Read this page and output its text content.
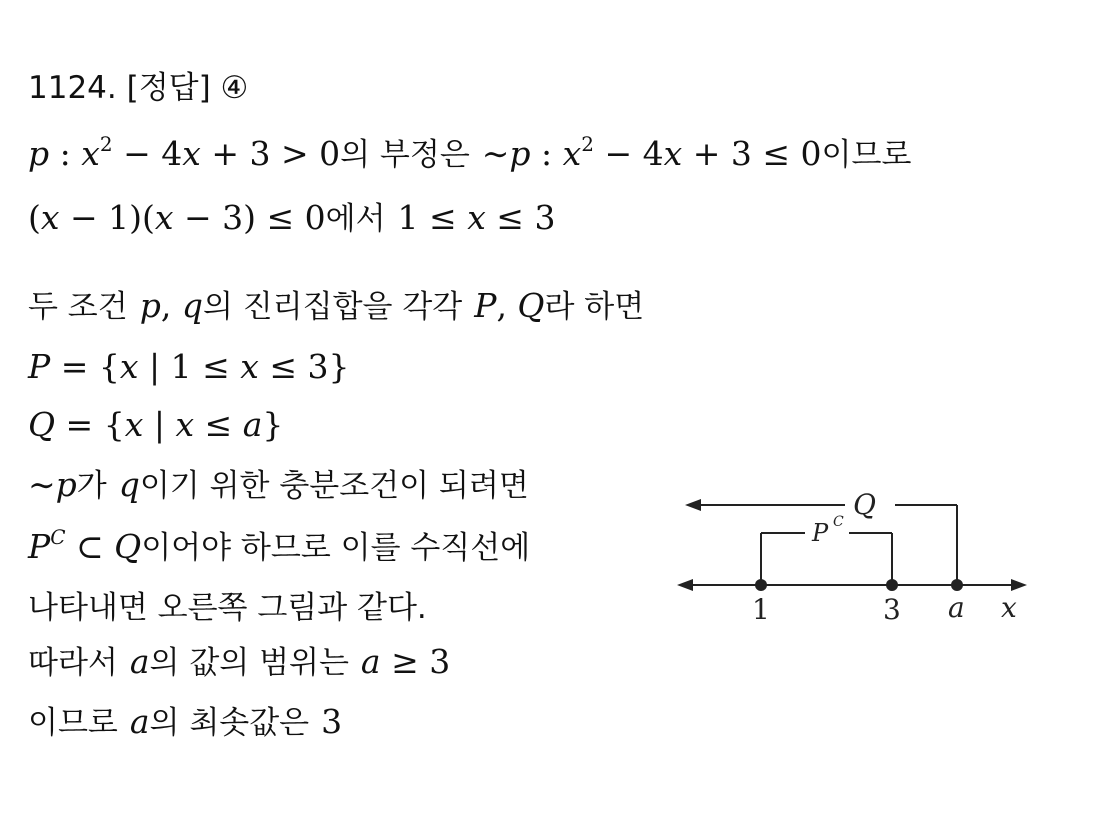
1124. [정답] ④
p : $x^2 - 4x + 3 > 0$의 부정은 ∼p : $x^2 - 4x + 3 \le 0$이므로
(x − 1)(x − 3) ≤ 0에서 1 ≤ x ≤ 3
두 조건 p, q의 진리집합을 각각 P, Q라 하면
P = {x | 1 ≤ x ≤ 3}
Q = {x | x ≤ a}
∼p가 q이기 위한 충분조건이 되려면
$P^C$ ⊂ Q이어야 하므로 이를 수직선에
나타내면 오른쪽 그림과 같다.
따라서 a의 값의 범위는 a ≥ 3
이므로 a의 최솟값은 3
Q
P C
1	3 a x
